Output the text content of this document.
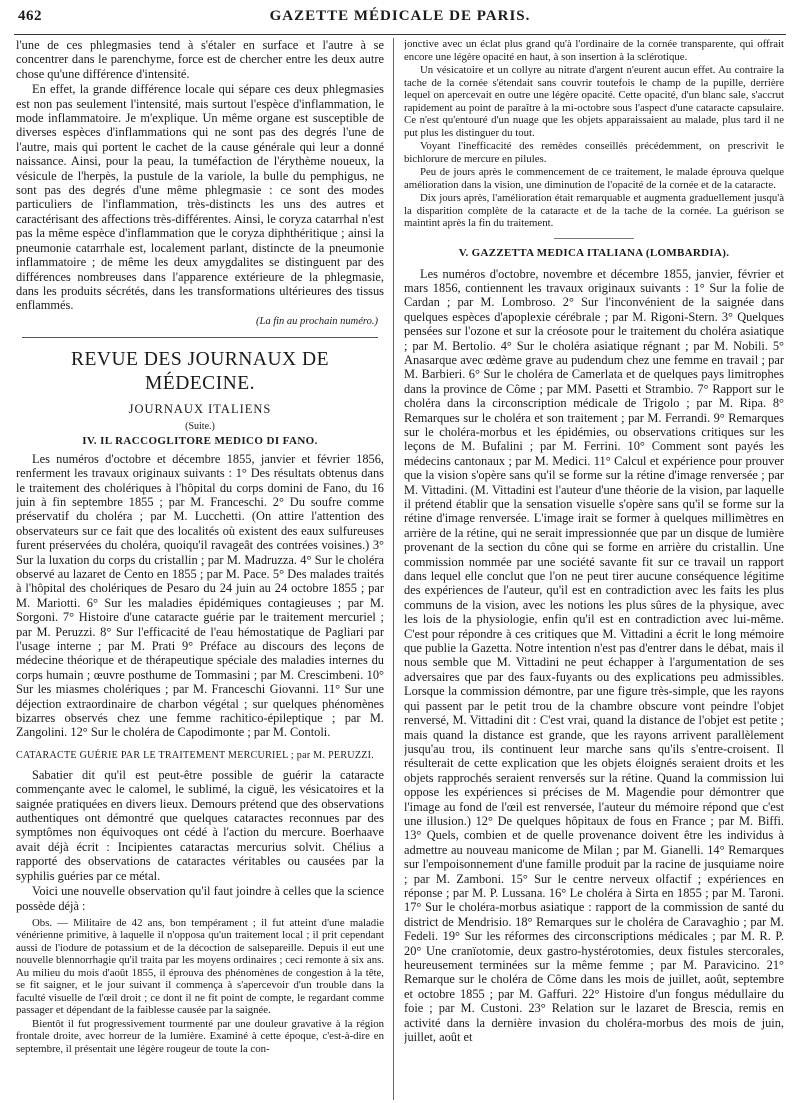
462	GAZETTE MÉDICALE DE PARIS.

l'une de ces phlegmasies tend à s'étaler en surface et l'autre à se concentrer dans le parenchyme, force est de chercher entre les deux autre chose qu'une différence d'intensité.

En effet, la grande différence locale qui sépare ces deux phlegmasies est non pas seulement l'intensité, mais surtout l'espèce d'inflammation, le mode inflammatoire. Je m'explique. Un même organe est susceptible de diverses espèces d'inflammations qui ne sont pas des degrés l'une de l'autre, mais qui portent le cachet de la cause générale qui leur a donné naissance. Ainsi, pour la peau, la tuméfaction de l'érythème noueux, la vésicule de l'herpès, la pustule de la variole, la bulle du pemphigus, ne sont pas des degrés d'une même phlegmasie : ce sont des modes particuliers de l'inflammation, très-distincts les uns des autres et caractérisant des affections très-différentes. Ainsi, le coryza catarrhal n'est pas la même espèce d'inflammation que le coryza diphthéritique ; ainsi la pneumonie catarrhale est, localement parlant, distincte de la pneumonie inflammatoire ; de même les deux amygdalites se distinguent par des différences nombreuses dans l'apparence extérieure de la phlegmasie, dans les produits sécrétés, dans les transformations ultérieures des tissus enflammés.

(La fin au prochain numéro.)

REVUE DES JOURNAUX DE MÉDECINE.
JOURNAUX ITALIENS
(Suite.)
IV. IL RACCOGLITORE MEDICO DI FANO.

Les numéros d'octobre et décembre 1855, janvier et février 1856, renferment les travaux originaux suivants : 1° Des résultats obtenus dans le traitement des cholériques à l'hôpital du corps domini de Fano, du 16 juin à fin septembre 1855 ; par M. Franceschi. 2° Du soufre comme préservatif du choléra ; par M. Lucchetti. (On attire l'attention des observateurs sur ce fait que des localités où existent des eaux sulfureuses furent préservées du choléra, quoiqu'il ravageât des contrées voisines.) 3° Sur la luxation du corps du cristallin ; par M. Madruzza. 4° Sur le choléra observé au lazaret de Cento en 1855 ; par M. Pace. 5° Des malades traités à l'hôpital des cholériques de Pesaro du 24 juin au 24 octobre 1855 ; par M. Mariotti. 6° Sur les maladies épidémiques contagieuses ; par M. Sorgoni. 7° Histoire d'une cataracte guérie par le traitement mercuriel ; par M. Peruzzi. 8° Sur l'efficacité de l'eau hémostatique de Pagliari par l'usage interne ; par M. Prati 9° Préface au discours des leçons de médecine théorique et de thérapeutique spéciale des maladies internes du corps humain ; œuvre posthume de Tommasini ; par M. Crescimbeni. 10° Sur les miasmes cholériques ; par M. Franceschi Giovanni. 11° Sur une déjection extraordinaire de charbon végétal ; sur quelques phénomènes bizarres observés chez une femme rachitico-épileptique ; par M. Zangolini. 12° Sur le choléra de Capodimonte ; par M. Contoli.

CATARACTE GUÉRIE PAR LE TRAITEMENT MERCURIEL ; par M. PERUZZI.

Sabatier dit qu'il est peut-être possible de guérir la cataracte commençante avec le calomel, le sublimé, la ciguë, les vésicatoires et la saignée pratiquées en divers lieux. Demours prétend que des observations authentiques ont démontré que quelques cataractes reconnues par des symptômes non équivoques ont cédé à l'action du mercure. Boerhaave avait déjà écrit : Incipientes cataractas mercurius solvit. Chélius a rapporté des observations de cataractes véritables ou causées par la syphilis guéries par ce métal.

Voici une nouvelle observation qu'il faut joindre à celles que la science possède déjà :

Obs. — Militaire de 42 ans, bon tempérament ; il fut atteint d'une maladie vénérienne primitive, à laquelle il n'opposa qu'un traitement local ; il prit cependant aussi de l'iodure de potassium et de la décoction de salsepareille. Depuis il eut une nouvelle blennorrhagie qu'il traita par les moyens ordinaires ; ceci remonte à six ans. Au milieu du mois d'août 1855, il éprouva des phénomènes de congestion à la tête, se fit saigner, et le jour suivant il commença à s'apercevoir d'un trouble dans la faculté visuelle de l'œil droit ; ce dont il ne fit point de compte, le regardant comme passager et dépendant de la faiblesse causée par la saignée.

Bientôt il fut progressivement tourmenté par une douleur gravative à la région frontale droite, avec horreur de la lumière. Examiné à cette époque, c'est-à-dire en septembre, il présentait une légère rougeur de toute la con-

jonctive avec un éclat plus grand qu'à l'ordinaire de la cornée transparente, qui offrait encore une légère opacité en haut, à son insertion à la sclérotique.

Un vésicatoire et un collyre au nitrate d'argent n'eurent aucun effet. Au contraire la tache de la cornée s'étendait sans couvrir toutefois le champ de la pupille, derrière lequel on apercevait en outre une légère opacité. Cette opacité, d'un blanc sale, s'accrut rapidement au point de paraître à la mi-octobre sous l'aspect d'une cataracte capsulaire. Ce n'est qu'entouré d'un nuage que les objets apparaissaient au malade, plus tard il ne put plus les distinguer du tout.

Voyant l'inefficacité des remèdes conseillés précédemment, on prescrivit le bichlorure de mercure en pilules.

Peu de jours après le commencement de ce traitement, le malade éprouva quelque amélioration dans la vision, une diminution de l'opacité de la cornée et de la cataracte.

Dix jours après, l'amélioration était remarquable et augmenta graduellement jusqu'à la disparition complète de la cataracte et de la tache de la cornée. La guérison se maintint après la fin du traitement.

V. GAZZETTA MEDICA ITALIANA (LOMBARDIA).

Les numéros d'octobre, novembre et décembre 1855, janvier, février et mars 1856, contiennent les travaux originaux suivants : 1° Sur la folie de Cardan ; par M. Lombroso. 2° Sur l'inconvénient de la saignée dans quelques espèces d'apoplexie cérébrale ; par M. Rigoni-Stern. 3° Quelques pensées sur l'ozone et sur la créosote pour le traitement du choléra asiatique ; par M. Bertolio. 4° Sur le choléra asiatique régnant ; par M. Nobili. 5° Anasarque avec œdème grave au pudendum chez une femme en travail ; par M. Barbieri. 6° Sur le choléra de Camerlata et de quelques pays limitrophes dans la province de Côme ; par MM. Pasetti et Strambio. 7° Rapport sur le choléra dans la circonscription médicale de Trigolo ; par M. Ripa. 8° Remarques sur le choléra et son traitement ; par M. Ferrandi. 9° Remarques sur le choléra-morbus et les épidémies, ou observations critiques sur les leçons de M. Bufalini ; par M. Ferrini. 10° Comment sont payés les médecins cantonaux ; par M. Medici. 11° Calcul et expérience pour prouver que la vision s'opère sans qu'il se forme sur la rétine d'image renversée ; par M. Vittadini. (M. Vittadini est l'auteur d'une théorie de la vision, par laquelle il prétend établir que la sensation visuelle s'opère sans qu'il se forme sur la rétine d'image renversée. L'image irait se former à quelques millimètres en arrière de la rétine, qui ne serait impressionnée que par un disque de lumière provenant de la section du cône qui se forme en arrière du cristallin. Une commission nommée par une société savante fit sur ce travail un rapport dans lequel elle conclut que l'on ne peut tirer aucune conséquence légitime des expériences de l'auteur, qu'il est en contradiction avec les faits les plus communs de la vision, avec les notions les plus sûres de la physique, avec les lois de la physiologie, enfin qu'il est en contradiction avec lui-même. C'est pour répondre à ces critiques que M. Vittadini a écrit le long mémoire que publie la Gazetta. Notre intention n'est pas d'entrer dans le débat, mais il nous semble que M. Vittadini ne peut échapper à l'argumentation de ses adversaires que par des faux-fuyants ou des explications peu admissibles. Lorsque la commission démontre, par une figure très-simple, que les rayons qui passent par le petit trou de la chambre obscure vont peindre l'objet renversé, M. Vittadini dit : C'est vrai, quand la distance de l'objet est petite ; mais quand la distance est grande, que les rayons arrivent parallèlement jusqu'au trou, ils continuent leur marche sans qu'ils s'entre-croisent. Il résulterait de cette explication que les objets éloignés seraient droits et les objets rapprochés seraient renversés sur la rétine. Quand la commission lui oppose les expériences si précises de M. Magendie pour démontrer que l'image au fond de l'œil est renversée, l'auteur du mémoire répond que c'est une illusion.) 12° De quelques hôpitaux de fous en France ; par M. Biffi. 13° Quels, combien et de quelle provenance doivent être les individus à admettre au nouveau manicome de Milan ; par M. Gianelli. 14° Remarques sur l'empoisonnement d'une famille produit par la racine de jusquiame noire ; par M. Zamboni. 15° Sur le centre nerveux olfactif ; expériences en réponse ; par M. P. Lussana. 16° Le choléra à Sirta en 1855 ; par M. Taroni. 17° Sur le choléra-morbus asiatique : rapport de la commission de santé du district de Mendrisio. 18° Remarques sur le choléra de Caravaghio ; par M. Fedeli. 19° Sur les réformes des circonscriptions médicales ; par M. R. P. 20° Une cranïotomie, deux gastro-hystérotomies, deux fistules stercorales, heureusement terminées sur la même femme ; par M. Paravicino. 21° Remarque sur le choléra de Côme dans les mois de juillet, août, septembre et octobre 1855 ; par M. Gaffuri. 22° Histoire d'un fongus médullaire du foie ; par M. Custoni. 23° Relation sur le lazaret de Brescia, remis en activité dans la dernière invasion du choléra-morbus des mois de juin, juillet, août et
